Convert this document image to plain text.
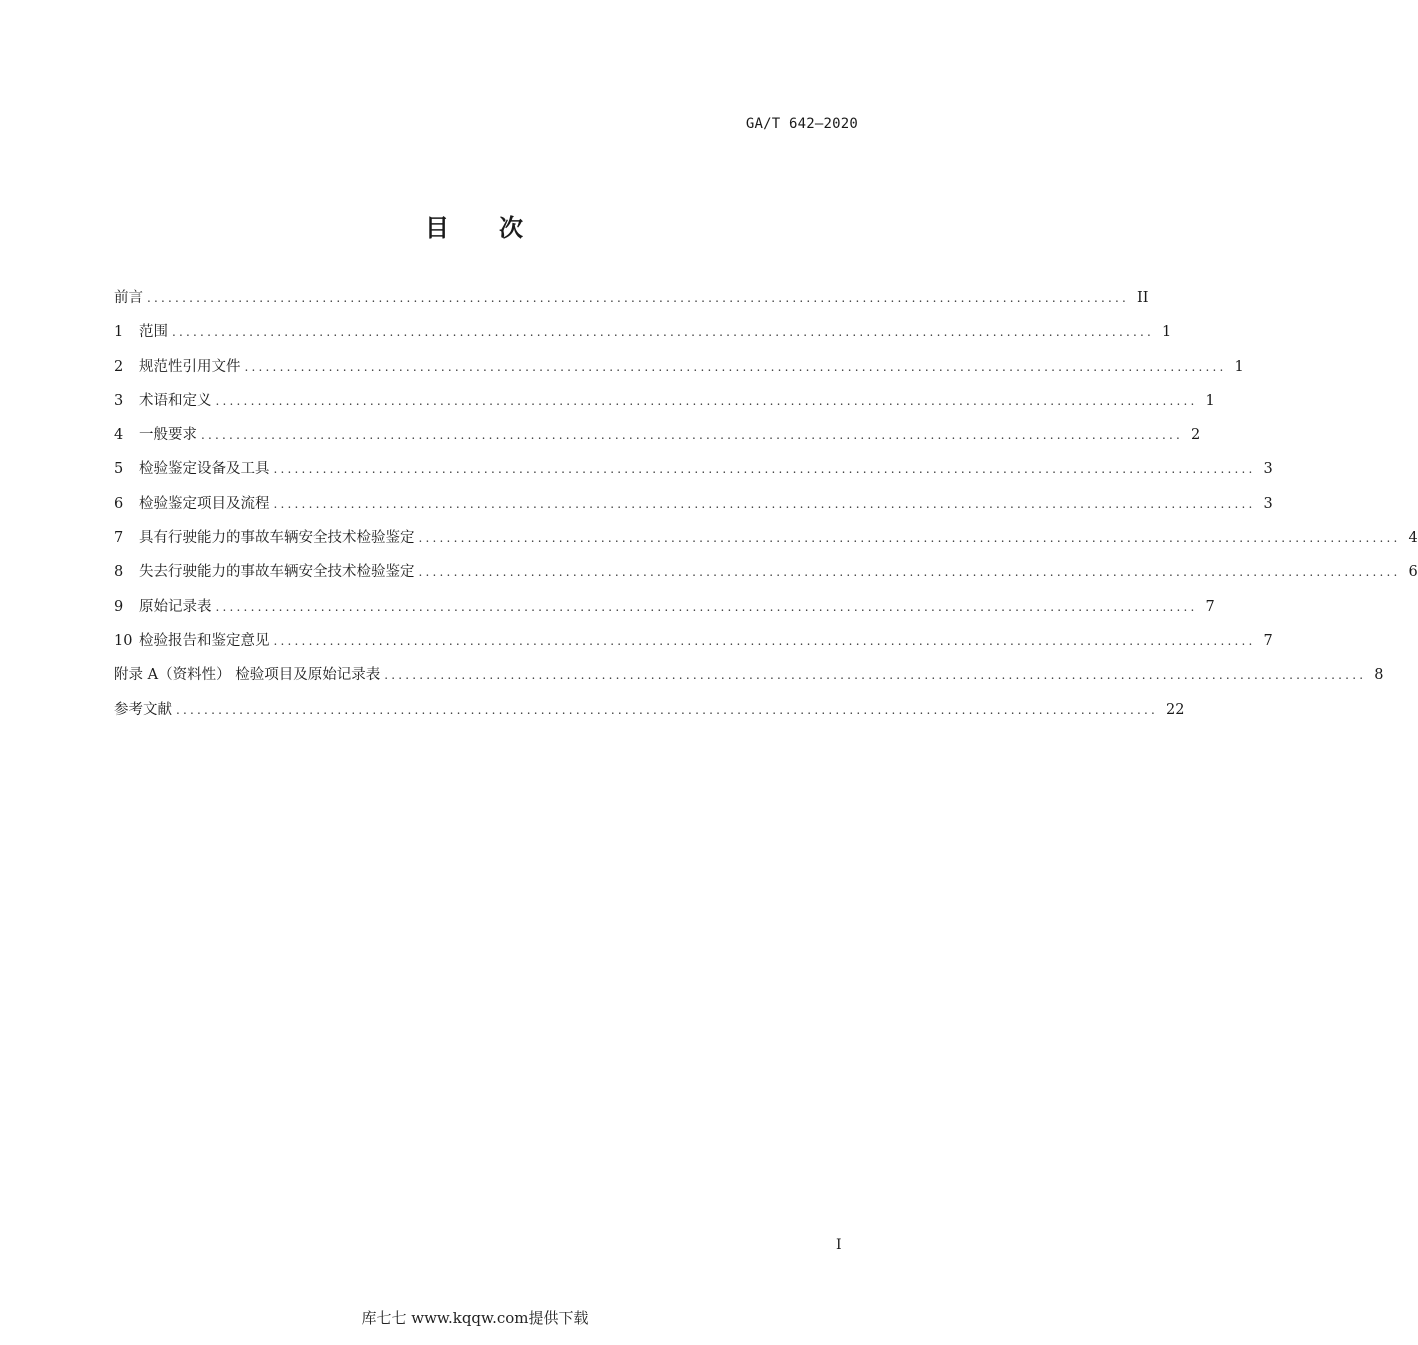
GA/T 642—2020
目 次
前言 ............................................................................................................................................ II
1	范围 ............................................................................................................................................ 1
2	规范性引用文件 ............................................................................................................................................ 1
3	术语和定义 ............................................................................................................................................ 1
4	一般要求 ............................................................................................................................................ 2
5	检验鉴定设备及工具 ............................................................................................................................................ 3
6	检验鉴定项目及流程 ............................................................................................................................................ 3
7	具有行驶能力的事故车辆安全技术检验鉴定 ............................................................................................................................................ 4
8	失去行驶能力的事故车辆安全技术检验鉴定 ............................................................................................................................................ 6
9	原始记录表 ............................................................................................................................................ 7
10 检验报告和鉴定意见 ............................................................................................................................................ 7
附录 A（资料性） 检验项目及原始记录表 ............................................................................................................................................ 8
参考文献 ............................................................................................................................................ 22
I
库七七 www.kqqw.com提供下载
